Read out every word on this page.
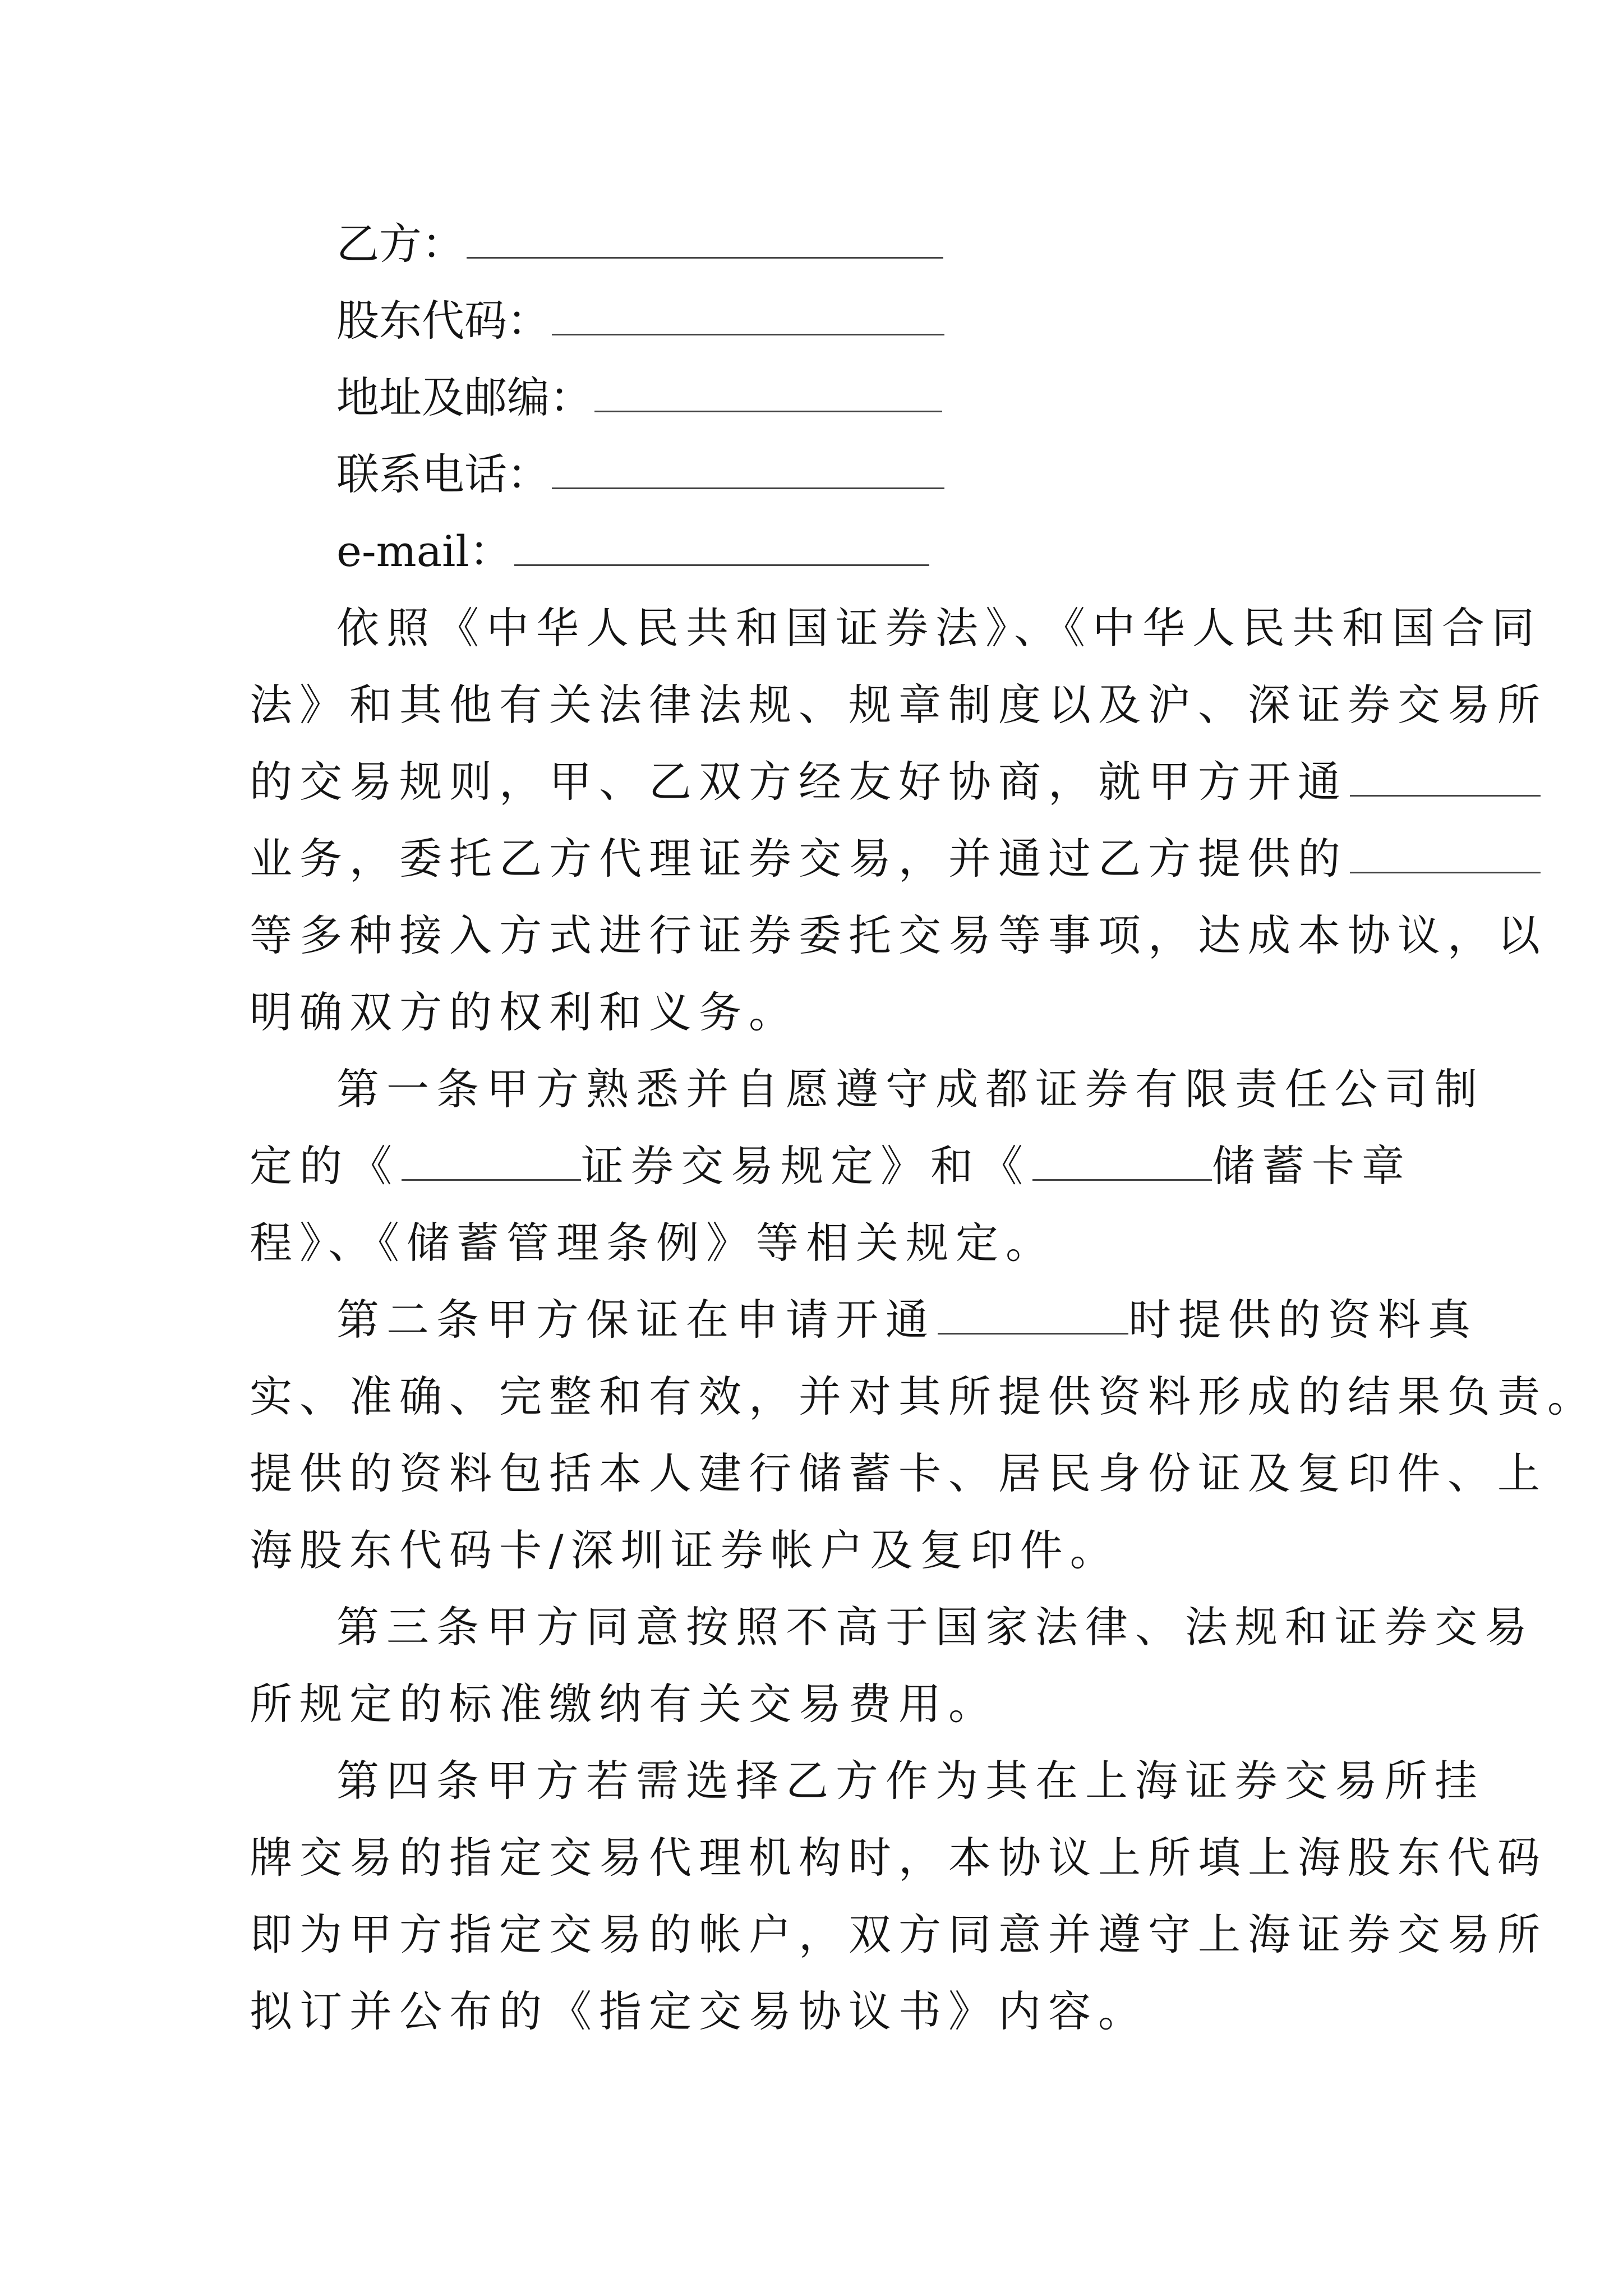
乙方：
股东代码：
地址及邮编：
联系电话：
e-mail：
依照《中华人民共和国证券法》、《中华人民共和国合同
法》和其他有关法律法规、规章制度以及沪、深证券交易所
的交易规则，甲、乙双方经友好协商，就甲方开通
业务，委托乙方代理证券交易，并通过乙方提供的
等多种接入方式进行证券委托交易等事项，达成本协议，以
明确双方的权利和义务。
第一条甲方熟悉并自愿遵守成都证券有限责任公司制
定的《	证券交易规定》和《	储蓄卡章
程》、《储蓄管理条例》等相关规定。
第二条甲方保证在申请开通	时提供的资料真
实、准确、完整和有效，并对其所提供资料形成的结果负责。
提供的资料包括本人建行储蓄卡、居民身份证及复印件、上
海股东代码卡/深圳证券帐户及复印件。
第三条甲方同意按照不高于国家法律、法规和证券交易
所规定的标准缴纳有关交易费用。
第四条甲方若需选择乙方作为其在上海证券交易所挂
牌交易的指定交易代理机构时，本协议上所填上海股东代码
即为甲方指定交易的帐户，双方同意并遵守上海证券交易所
拟订并公布的《指定交易协议书》内容。
